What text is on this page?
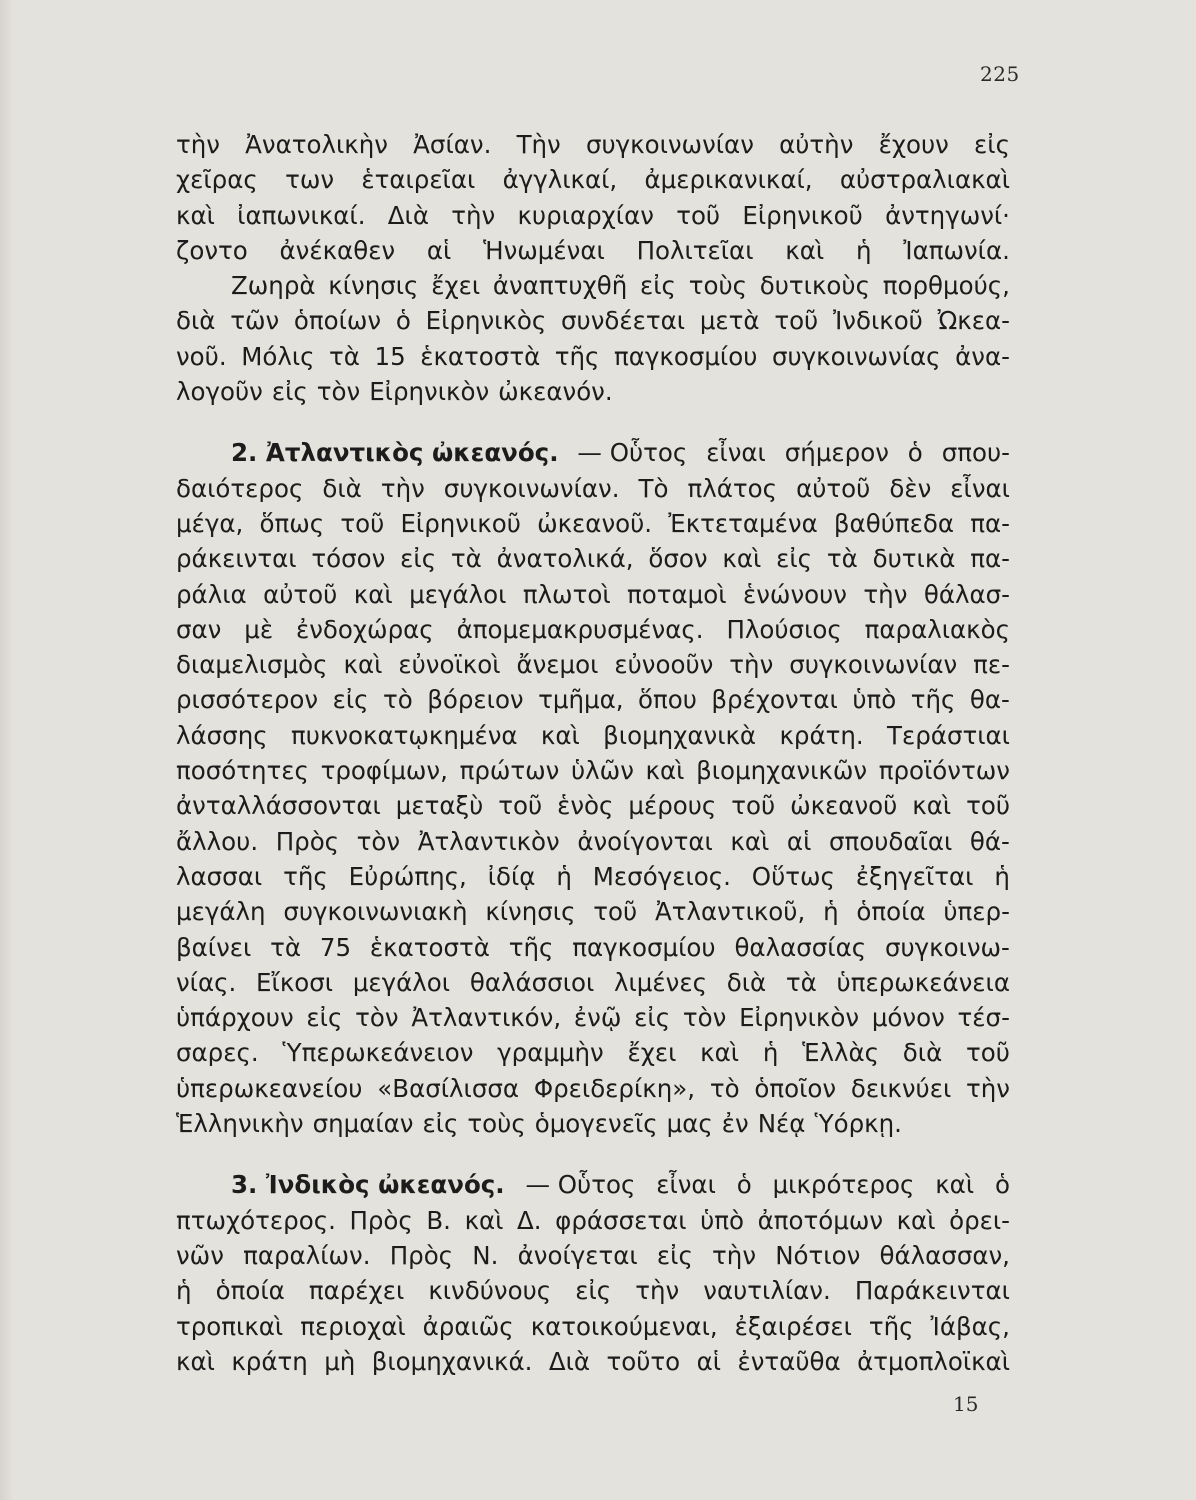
225
τὴν Ἀνατολικὴν Ἀσίαν. Τὴν συγκοινωνίαν αὐτὴν ἔχουν εἰς
χεῖρας των ἑταιρεῖαι ἀγγλικαί, ἀμερικανικαί, αὐστραλιακαὶ
καὶ ἰαπωνικαί. Διὰ τὴν κυριαρχίαν τοῦ Εἰρηνικοῦ ἀντηγωνί·
ζοντο ἀνέκαθεν αἱ Ἡνωμέναι Πολιτεῖαι καὶ ἡ Ἰαπωνία.
Ζωηρὰ κίνησις ἔχει ἀναπτυχθῆ εἰς τοὺς δυτικοὺς πορθμούς,
διὰ τῶν ὁποίων ὁ Εἰρηνικὸς συνδέεται μετὰ τοῦ Ἰνδικοῦ Ὠκεα-
νοῦ. Μόλις τὰ 15 ἑκατοστὰ τῆς παγκοσμίου συγκοινωνίας ἀνα-
λογοῦν εἰς τὸν Εἰρηνικὸν ὠκεανόν.
2. Ἀτλαντικὸς ὠκεανός. — Οὗτος εἶναι σήμερον ὁ σπου-
δαιότερος διὰ τὴν συγκοινωνίαν. Τὸ πλάτος αὐτοῦ δὲν εἶναι
μέγα, ὅπως τοῦ Εἰρηνικοῦ ὠκεανοῦ. Ἐκτεταμένα βαθύπεδα πα-
ράκεινται τόσον εἰς τὰ ἀνατολικά, ὅσον καὶ εἰς τὰ δυτικὰ πα-
ράλια αὐτοῦ καὶ μεγάλοι πλωτοὶ ποταμοὶ ἑνώνουν τὴν θάλασ-
σαν μὲ ἐνδοχώρας ἀπομεμακρυσμένας. Πλούσιος παραλιακὸς
διαμελισμὸς καὶ εὐνοϊκοὶ ἄνεμοι εὐνοοῦν τὴν συγκοινωνίαν πε-
ρισσότερον εἰς τὸ βόρειον τμῆμα, ὅπου βρέχονται ὑπὸ τῆς θα-
λάσσης πυκνοκατῳκημένα καὶ βιομηχανικὰ κράτη. Τεράστιαι
ποσότητες τροφίμων, πρώτων ὑλῶν καὶ βιομηχανικῶν προϊόντων
ἀνταλλάσσονται μεταξὺ τοῦ ἑνὸς μέρους τοῦ ὠκεανοῦ καὶ τοῦ
ἄλλου. Πρὸς τὸν Ἀτλαντικὸν ἀνοίγονται καὶ αἱ σπουδαῖαι θά-
λασσαι τῆς Εὐρώπης, ἰδίᾳ ἡ Μεσόγειος. Οὕτως ἐξηγεῖται ἡ
μεγάλη συγκοινωνιακὴ κίνησις τοῦ Ἀτλαντικοῦ, ἡ ὁποία ὑπερ-
βαίνει τὰ 75 ἑκατοστὰ τῆς παγκοσμίου θαλασσίας συγκοινω-
νίας. Εἴκοσι μεγάλοι θαλάσσιοι λιμένες διὰ τὰ ὑπερωκεάνεια
ὑπάρχουν εἰς τὸν Ἀτλαντικόν, ἐνῷ εἰς τὸν Εἰρηνικὸν μόνον τέσ-
σαρες. Ὑπερωκεάνειον γραμμὴν ἔχει καὶ ἡ Ἑλλὰς διὰ τοῦ
ὑπερωκεανείου «Βασίλισσα Φρειδερίκη», τὸ ὁποῖον δεικνύει τὴν
Ἑλληνικὴν σημαίαν εἰς τοὺς ὁμογενεῖς μας ἐν Νέᾳ Ὑόρκῃ.
3. Ἰνδικὸς ὠκεανός. — Οὗτος εἶναι ὁ μικρότερος καὶ ὁ
πτωχότερος. Πρὸς Β. καὶ Δ. φράσσεται ὑπὸ ἀποτόμων καὶ ὀρει-
νῶν παραλίων. Πρὸς Ν. ἀνοίγεται εἰς τὴν Νότιον θάλασσαν,
ἡ ὁποία παρέχει κινδύνους εἰς τὴν ναυτιλίαν. Παράκεινται
τροπικαὶ περιοχαὶ ἀραιῶς κατοικούμεναι, ἐξαιρέσει τῆς Ἰάβας,
καὶ κράτη μὴ βιομηχανικά. Διὰ τοῦτο αἱ ἐνταῦθα ἀτμοπλοϊκαὶ
15
